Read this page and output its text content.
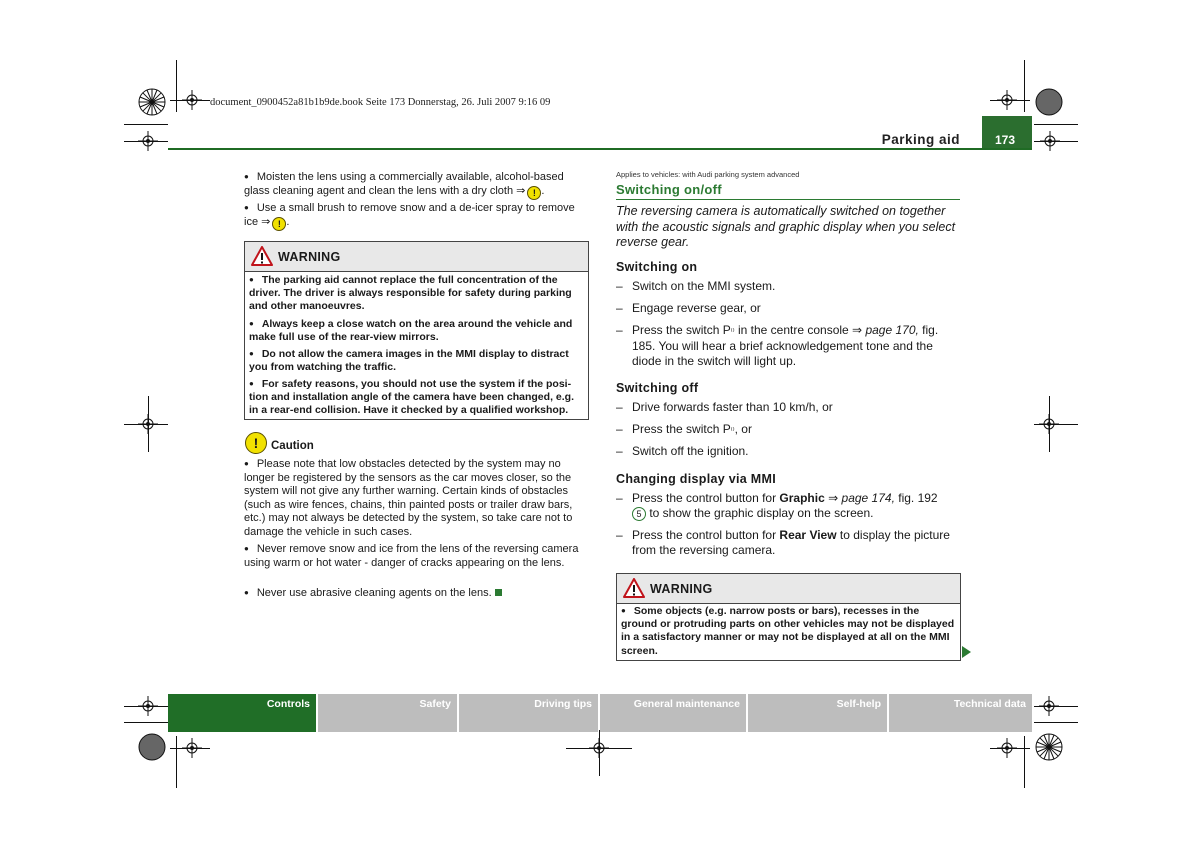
document_0900452a81b1b9de.book Seite 173 Donnerstag, 26. Juli 2007 9:16 09
Parking aid	173
● Moisten the lens using a commercially available, alcohol-based glass cleaning agent and clean the lens with a dry cloth ⇒ ! .
● Use a small brush to remove snow and a de-icer spray to remove ice ⇒ ! .
WARNING
● The parking aid cannot replace the full concentration of the driver. The driver is always responsible for safety during parking and other manoeuvres.
● Always keep a close watch on the area around the vehicle and make full use of the rear-view mirrors.
● Do not allow the camera images in the MMI display to distract you from watching the traffic.
● For safety reasons, you should not use the system if the posi-tion and installation angle of the camera have been changed, e.g. in a rear-end collision. Have it checked by a qualified workshop.
!	Caution
● Please note that low obstacles detected by the system may no longer be registered by the sensors as the car moves closer, so the system will not give any further warning. Certain kinds of obstacles (such as wire fences, chains, thin painted posts or trailer draw bars, etc.) may not always be detected by the system, so take care not to damage the vehicle in such cases.
● Never remove snow and ice from the lens of the reversing camera using warm or hot water - danger of cracks appearing on the lens.
● Never use abrasive cleaning agents on the lens.
Applies to vehicles: with Audi parking system advanced
Switching on/off
The reversing camera is automatically switched on together with the acoustic signals and graphic display when you select reverse gear.
Switching on
– Switch on the MMI system.
– Engage reverse gear, or
– Press the switch P⁽⁾ in the centre console ⇒ page 170, fig. 185. You will hear a brief acknowledgement tone and the diode in the switch will light up.
Switching off
– Drive forwards faster than 10 km/h, or
– Press the switch P⁽⁾, or
– Switch off the ignition.
Changing display via MMI
– Press the control button for Graphic ⇒ page 174, fig. 192
5 to show the graphic display on the screen.
– Press the control button for Rear View to display the picture from the reversing camera.
WARNING
● Some objects (e.g. narrow posts or bars), recesses in the ground or protruding parts on other vehicles may not be displayed in a satisfactory manner or may not be displayed at all on the MMI screen.
Controls	Safety	Driving tips	General maintenance	Self-help	Technical data
